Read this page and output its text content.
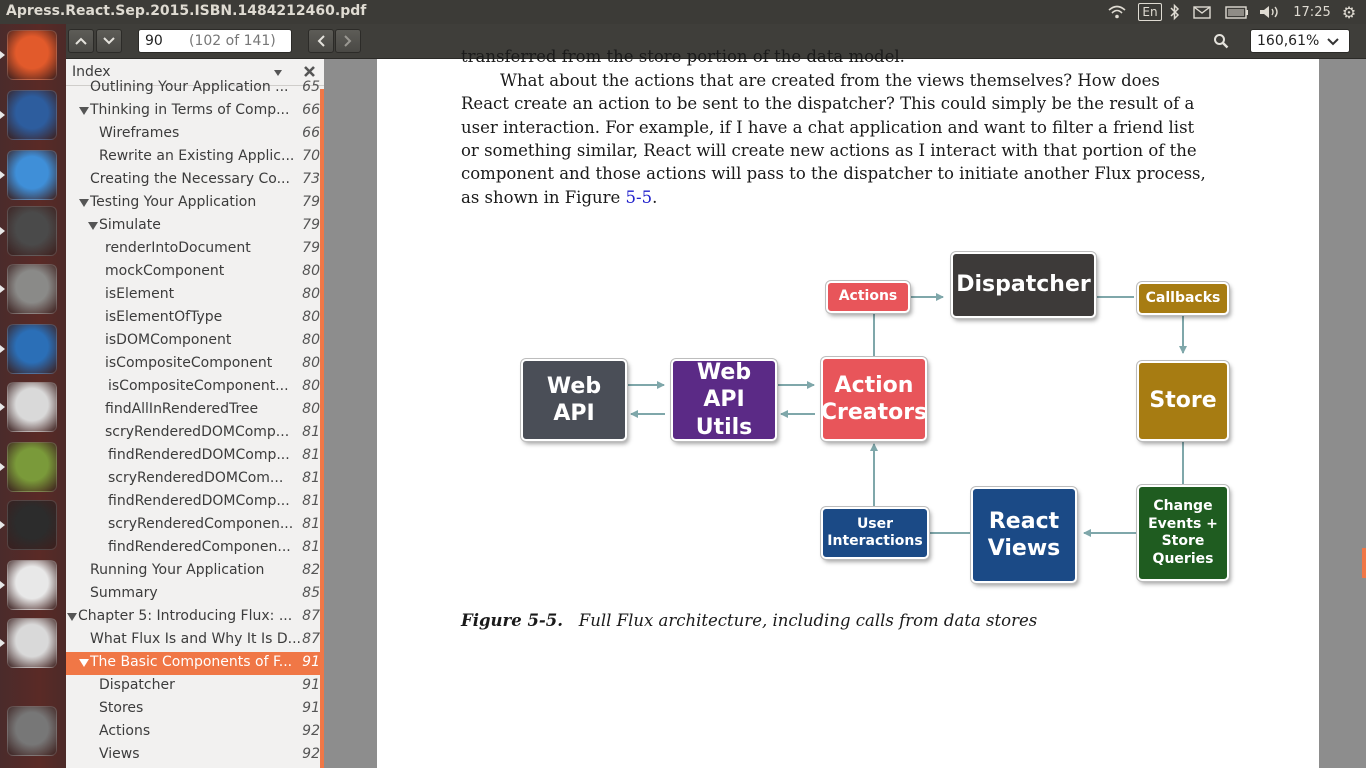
Apress.React.Sep.2015.ISBN.1484212460.pdf	En	17:25 ⚙
90 (102 of 141)	160,61%
Index
Outlining Your Application ... 65
Thinking in Terms of Comp... 66
Wireframes	66
Rewrite an Existing Applic... 70
Creating the Necessary Co... 73
Testing Your Application	79
Simulate	79
renderIntoDocument	79
mockComponent	80
isElement	80
isElementOfType	80
isDOMComponent	80
isCompositeComponent	80
isCompositeComponent... 80
findAllInRenderedTree	80
scryRenderedDOMComp... 81
findRenderedDOMComp... 81
scryRenderedDOMCom...	81
findRenderedDOMComp... 81
scryRenderedComponen... 81
findRenderedComponen... 81
Running Your Application	82
Summary	85
Chapter 5: Introducing Flux: ... 87
What Flux Is and Why It Is D... 87
The Basic Components of F... 91
Dispatcher	91
Stores	91
Actions	92
Views	92
transferred from the store portion of the data model.
What about the actions that are created from the views themselves? How does
React create an action to be sent to the dispatcher? This could simply be the result of a
user interaction. For example, if I have a chat application and want to filter a friend list
or something similar, React will create new actions as I interact with that portion of the
component and those actions will pass to the dispatcher to initiate another Flux process,
as shown in Figure 5-5.
Web
API
Web
API Utils
Action
Creators
Actions	Dispatcher
Callbacks
Store
Change
Events +
Store
Queries
React
Views
User
Interactions
Figure 5-5. Full Flux architecture, including calls from data stores
